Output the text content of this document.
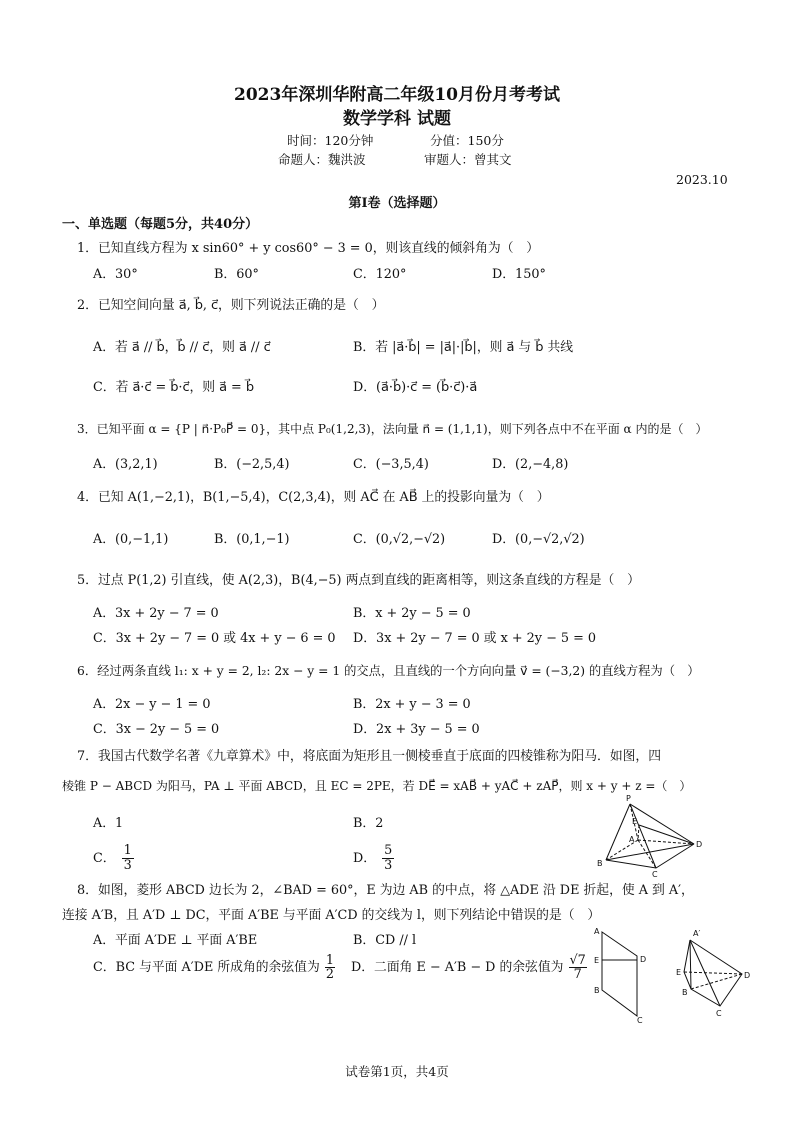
2023年深圳华附高二年级10月份月考考试
数学学科 试题
时间：120分钟	分值：150分
命题人：魏洪波	审题人：曾其文
2023.10
第I卷（选择题）
一、单选题（每题5分，共40分）
1．已知直线方程为 x sin60° + y cos60° − 3 = 0，则该直线的倾斜角为（　）
A．30°	B．60°	C．120°	D．150°
2．已知空间向量 a⃗, b⃗, c⃗，则下列说法正确的是（　）
A．若 a⃗ // b⃗，b⃗ // c⃗，则 a⃗ // c⃗	B．若 |a⃗·b⃗| = |a⃗|·|b⃗|，则 a⃗ 与 b⃗ 共线
C．若 a⃗·c⃗ = b⃗·c⃗，则 a⃗ = b⃗	D．(a⃗·b⃗)·c⃗ = (b⃗·c⃗)·a⃗
3．已知平面 α = {P | n⃗·P₀P⃗ = 0}，其中点 P₀(1,2,3)，法向量 n⃗ = (1,1,1)，则下列各点中不在平面 α 内的是（　）
A．(3,2,1)	B．(−2,5,4)	C．(−3,5,4)	D．(2,−4,8)
4．已知 A(1,−2,1)，B(1,−5,4)，C(2,3,4)，则 AC⃗ 在 AB⃗ 上的投影向量为（　）
A．(0,−1,1)	B．(0,1,−1)	C．(0,√2,−√2)	D．(0,−√2,√2)
5．过点 P(1,2) 引直线，使 A(2,3)，B(4,−5) 两点到直线的距离相等，则这条直线的方程是（　）
A．3x + 2y − 7 = 0	B．x + 2y − 5 = 0
C．3x + 2y − 7 = 0 或 4x + y − 6 = 0 D．3x + 2y − 7 = 0 或 x + 2y − 5 = 0
6．经过两条直线 l₁: x + y = 2, l₂: 2x − y = 1 的交点，且直线的一个方向向量 v⃗ = (−3,2) 的直线方程为（　）
A．2x − y − 1 = 0	B．2x + y − 3 = 0
C．3x − 2y − 5 = 0	D．2x + 3y − 5 = 0
7．我国古代数学名著《九章算术》中，将底面为矩形且一侧棱垂直于底面的四棱锥称为阳马．如图，四
棱锥 P − ABCD 为阳马，PA ⊥ 平面 ABCD，且 EC = 2PE，若 DE⃗ = xAB⃗ + yAC⃗ + zAP⃗，则 x + y + z =（　）
A．1	B．2
C． $\frac{1}{3}$	D． $\frac{5}{3}$
P
E
A
B
C
D
8．如图，菱形 ABCD 边长为 2，∠BAD = 60°，E 为边 AB 的中点，将 △ADE 沿 DE 折起，使 A 到 A′，
连接 A′B，且 A′D ⊥ DC，平面 A′BE 与平面 A′CD 的交线为 l，则下列结论中错误的是（　）
A．平面 A′DE ⊥ 平面 A′BE	B．CD // l
C．BC 与平面 A′DE 所成角的余弦值为 $\frac{1}{2}$ D．二面角 E − A′B − D 的余弦值为 $\frac{√7}{7}$
A
E
B
C
D
A′
E
B
C
D
试卷第1页，共4页
